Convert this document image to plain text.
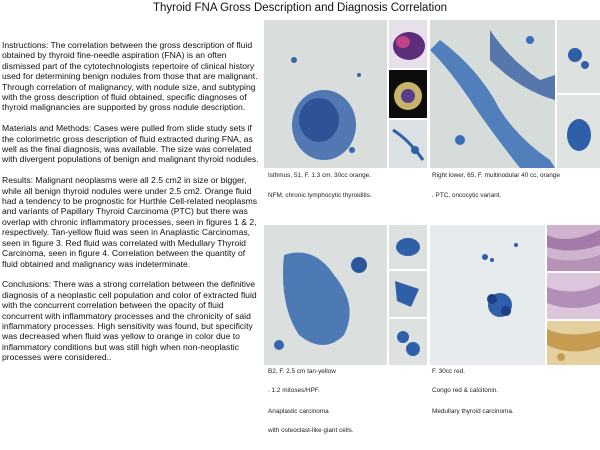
Thyroid FNA Gross Description and Diagnosis Correlation

Instructions: The correlation between the gross description of fluid obtained by thyroid fine-needle aspiration (FNA) is an often dismissed part of the cytotechnologists repertoire of clinical history used for determining benign nodules from those that are malignant. Through correlation of malignancy, with nodule size, and subtyping with the gross description of fluid obtained, specific diagnoses of thyroid malignancies are supported by gross nodule description.

Materials and Methods: Cases were pulled from slide study sets if the colorimetric gross description of fluid extracted during FNA, as well as the final diagnosis, was available. The size was correlated with divergent populations of benign and malignant thyroid nodules.

Results: Malignant neoplasms were all 2.5 cm2 in size or bigger, while all benign thyroid nodules were under 2.5 cm2. Orange fluid had a tendency to be prognostic for Hurthle Cell-related neoplasms and variants of Papillary Thyroid Carcinoma (PTC) but there was overlap with chronic inflammatory processes, seen in figures 1 & 2, respectively. Tan-yellow fluid was seen in Anaplastic Carcinomas, seen in figure 3. Red fluid was correlated with Medullary Thyroid Carcinoma, seen in figure 4. Correlation between the quantity of fluid obtained and malignancy was indeterminate.

Conclusions: There was a strong correlation between the definitive diagnosis of a neoplastic cell population and color of extracted fluid with the concurrent correlation between the opacity of fluid concurrent with inflammatory processes and the chronicity of said inflammatory processes. High sensitivity was found, but specificity was decreased when fluid was yellow to orange in color due to inflammatory conditions but was still high when non-neoplastic processes were considered..

Isthmus, 51, F. 1.3 cm. 30cc orange.
NFM, chronic lymphocytic thyroiditis.
Right lower, 65, F. multinodular 40 cc, orange
. PTC, oncocytic variant.
B2, F. 2.5 cm tan-yellow
. 1.2 mitoses/HPF.
Anaplastic carcinoma
with osteoclast-like giant cells.
F. 30cc red.
Congo red & calcitonin.
Medullary thyroid carcinoma.
